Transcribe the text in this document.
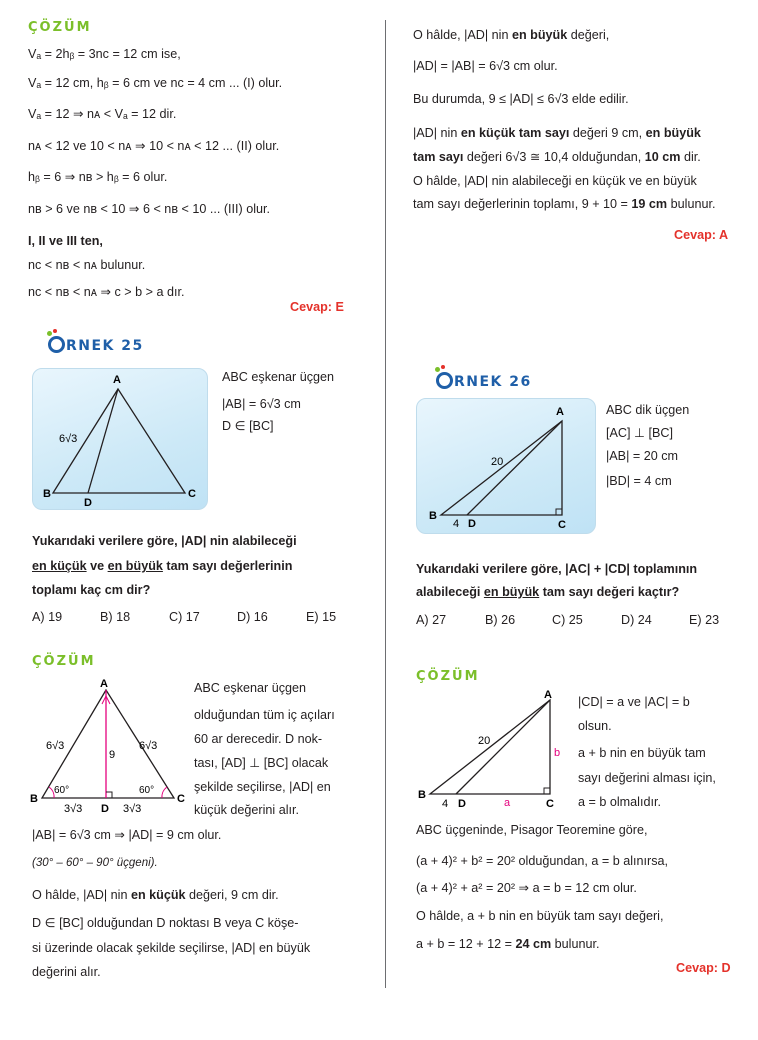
ÇÖZÜM
Vₐ = 2hᵦ = 3nᴄ = 12 cm ise,
Vₐ = 12 cm, hᵦ = 6 cm ve nᴄ = 4 cm ... (I) olur.
Vₐ = 12 ⇒ nᴀ < Vₐ = 12 dir.
nᴀ < 12 ve 10 < nᴀ ⇒ 10 < nᴀ < 12 ... (II) olur.
hᵦ = 6 ⇒ nʙ > hᵦ = 6 olur.
nʙ > 6 ve nʙ < 10 ⇒ 6 < nʙ < 10 ... (III) olur.
I, II ve III ten,
nᴄ < nʙ < nᴀ bulunur.
nᴄ < nʙ < nᴀ ⇒ c > b > a dır.
Cevap: E
RNEK 25
A
B	C
D
6√3
ABC eşkenar üçgen
|AB| = 6√3 cm
D ∈ [BC]
Yukarıdaki verilere göre, |AD| nin alabileceği
en küçük ve en büyük tam sayı değerlerinin
toplamı kaç cm dir?
A) 19	B) 18	C) 17	D) 16	E) 15
ÇÖZÜM
A
B	C
D
6√3	6√3
9
60°	60°
3√3	3√3
ABC eşkenar üçgen
olduğundan tüm iç açıları
60 ar derecedir. D nok-
tası, [AD] ⊥ [BC] olacak
şekilde seçilirse, |AD| en
küçük değerini alır.
|AB| = 6√3 cm ⇒ |AD| = 9 cm olur.
(30° – 60° – 90° üçgeni).
O hâlde, |AD| nin en küçük değeri, 9 cm dir.
D ∈ [BC] olduğundan D noktası B veya C köşe-
si üzerinde olacak şekilde seçilirse, |AD| en büyük
değerini alır.
O hâlde, |AD| nin en büyük değeri,
|AD| = |AB| = 6√3 cm olur.
Bu durumda, 9 ≤ |AD| ≤ 6√3 elde edilir.
|AD| nin en küçük tam sayı değeri 9 cm, en büyük
tam sayı değeri 6√3 ≅ 10,4 olduğundan, 10 cm dir.
O hâlde, |AD| nin alabileceği en küçük ve en büyük
tam sayı değerlerinin toplamı, 9 + 10 = 19 cm bulunur.
Cevap: A
RNEK 26
A
B
C
D
20
4
ABC dik üçgen
[AC] ⊥ [BC]
|AB| = 20 cm
|BD| = 4 cm
Yukarıdaki verilere göre, |AC| + |CD| toplamının
alabileceği en büyük tam sayı değeri kaçtır?
A) 27	B) 26	C) 25	D) 24	E) 23
ÇÖZÜM
A
B
C
D
20
4	a
b
|CD| = a ve |AC| = b
olsun.
a + b nin en büyük tam
sayı değerini alması için,
a = b olmalıdır.
ABC üçgeninde, Pisagor Teoremine göre,
(a + 4)² + b² = 20² olduğundan, a = b alınırsa,
(a + 4)² + a² = 20² ⇒ a = b = 12 cm olur.
O hâlde, a + b nin en büyük tam sayı değeri,
a + b = 12 + 12 = 24 cm bulunur.
Cevap: D
